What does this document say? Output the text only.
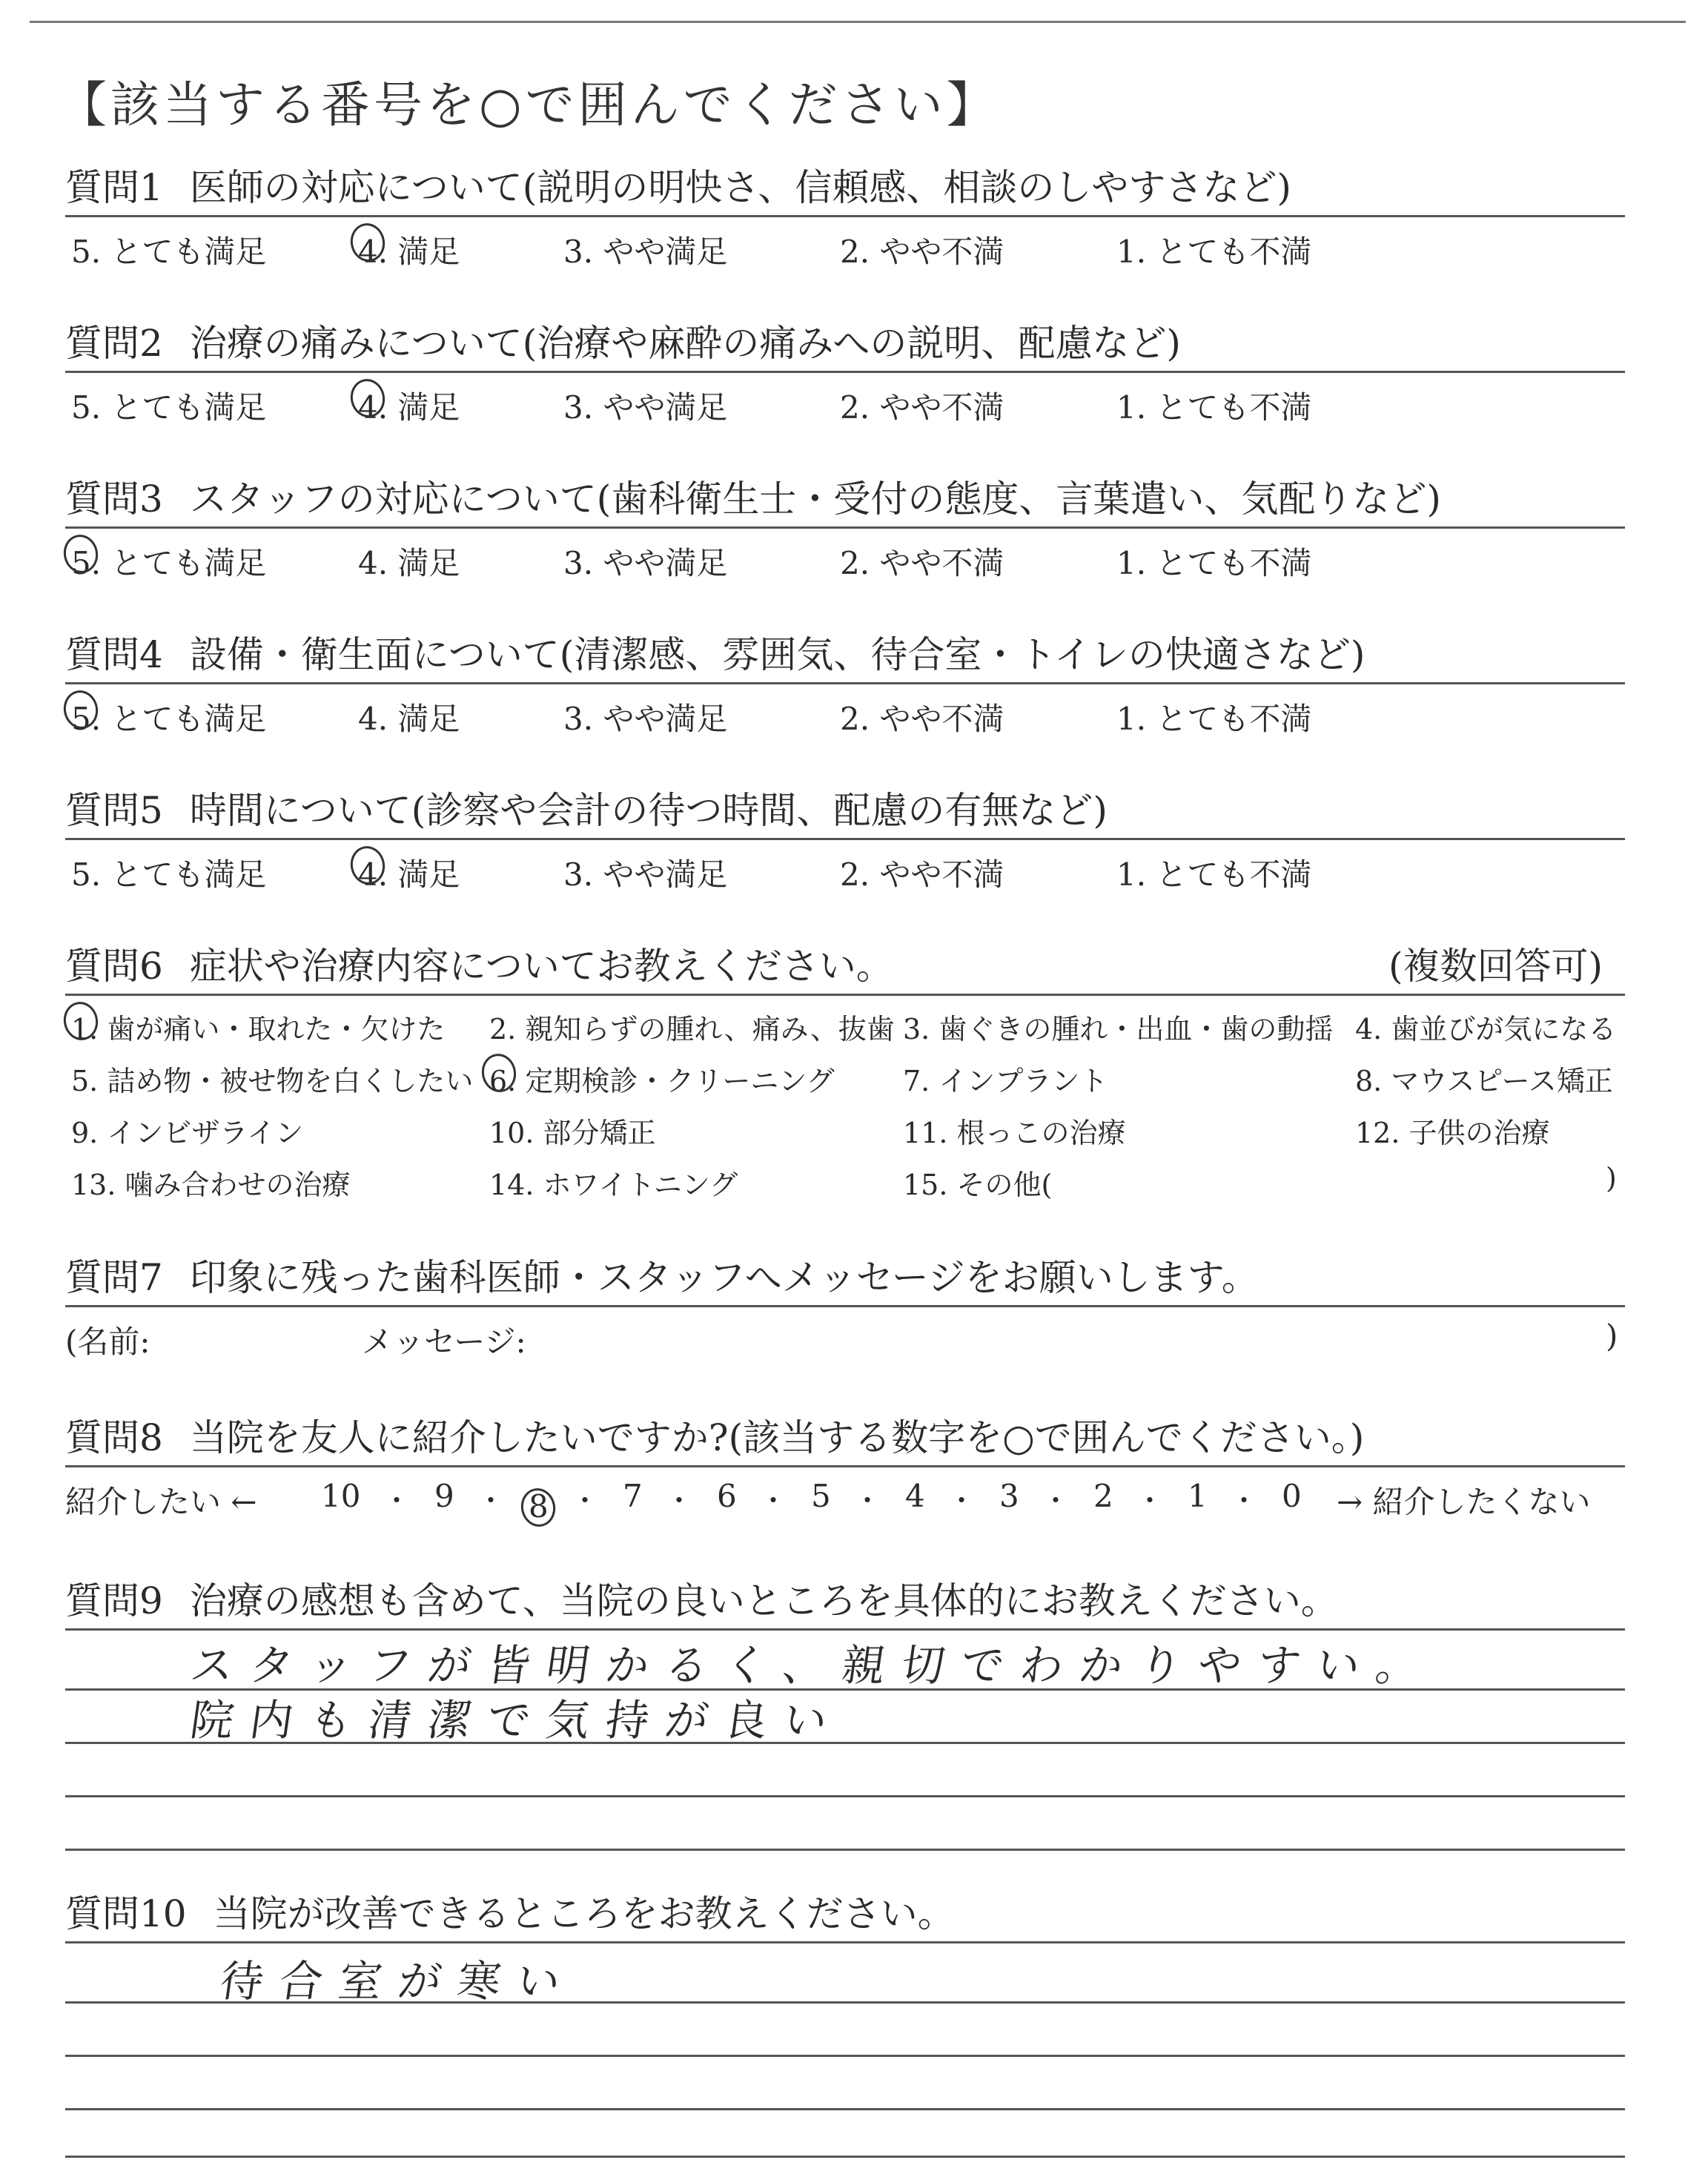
【該当する番号を○で囲んでください】
質問1 医師の対応について(説明の明快さ、信頼感、相談のしやすさなど)
5. とても満足	4. 満足	3. やや満足	2. やや不満	1. とても不満
質問2 治療の痛みについて(治療や麻酔の痛みへの説明、配慮など)
5. とても満足	4. 満足	3. やや満足	2. やや不満	1. とても不満
質問3 スタッフの対応について(歯科衛生士・受付の態度、言葉遣い、気配りなど)
5. とても満足	4. 満足	3. やや満足	2. やや不満	1. とても不満
質問4 設備・衛生面について(清潔感、雰囲気、待合室・トイレの快適さなど)
5. とても満足	4. 満足	3. やや満足	2. やや不満	1. とても不満
質問5 時間について(診察や会計の待つ時間、配慮の有無など)
5. とても満足	4. 満足	3. やや満足	2. やや不満	1. とても不満
質問6 症状や治療内容についてお教えください。	(複数回答可)
1. 歯が痛い・取れた・欠けた 2. 親知らずの腫れ、痛み、抜歯 3. 歯ぐきの腫れ・出血・歯の動揺 4. 歯並びが気になる
5. 詰め物・被せ物を白くしたい 6. 定期検診・クリーニング 7. インプラント	8. マウスピース矯正
9. インビザライン	10. 部分矯正	11. 根っこの治療	12. 子供の治療
13. 噛み合わせの治療	14. ホワイトニング	15. その他(	)
質問7 印象に残った歯科医師・スタッフへメッセージをお願いします。
(名前:	メッセージ:	)
質問8 当院を友人に紹介したいですか?(該当する数字を○で囲んでください。)
紹介したい ← 10 ・ 9 ・ 8 ・ 7 ・ 6 ・ 5 ・ 4 ・ 3 ・ 2 ・ 1 ・ 0 → 紹介したくない
質問9 治療の感想も含めて、当院の良いところを具体的にお教えください。
スタッフが皆明かるく、親切でわかりやすい。
院内も清潔で気持が良い
質問10 当院が改善できるところをお教えください。
待合室が寒い
